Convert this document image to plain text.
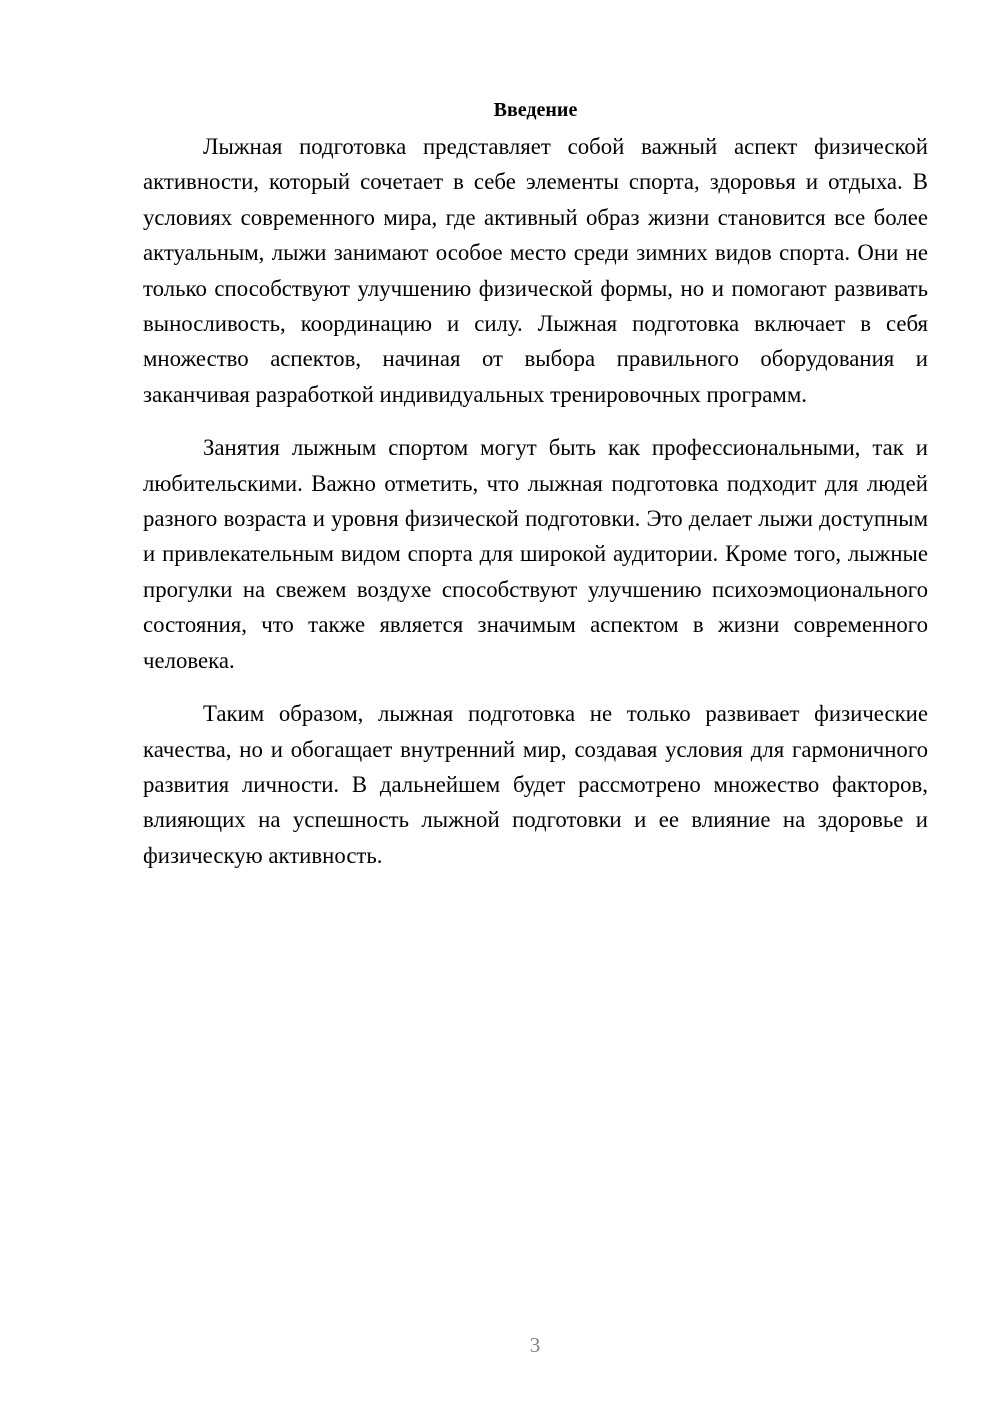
Введение

Лыжная подготовка представляет собой важный аспект физической активности, который сочетает в себе элементы спорта, здоровья и отдыха. В условиях современного мира, где активный образ жизни становится все более актуальным, лыжи занимают особое место среди зимних видов спорта. Они не только способствуют улучшению физической формы, но и помогают развивать выносливость, координацию и силу. Лыжная подготовка включает в себя множество аспектов, начиная от выбора правильного оборудования и заканчивая разработкой индивидуальных тренировочных программ.

Занятия лыжным спортом могут быть как профессиональными, так и любительскими. Важно отметить, что лыжная подготовка подходит для людей разного возраста и уровня физической подготовки. Это делает лыжи доступным и привлекательным видом спорта для широкой аудитории. Кроме того, лыжные прогулки на свежем воздухе способствуют улучшению психоэмоционального состояния, что также является значимым аспектом в жизни современного человека.

Таким образом, лыжная подготовка не только развивает физические качества, но и обогащает внутренний мир, создавая условия для гармоничного развития личности. В дальнейшем будет рассмотрено множество факторов, влияющих на успешность лыжной подготовки и ее влияние на здоровье и физическую активность.

3
